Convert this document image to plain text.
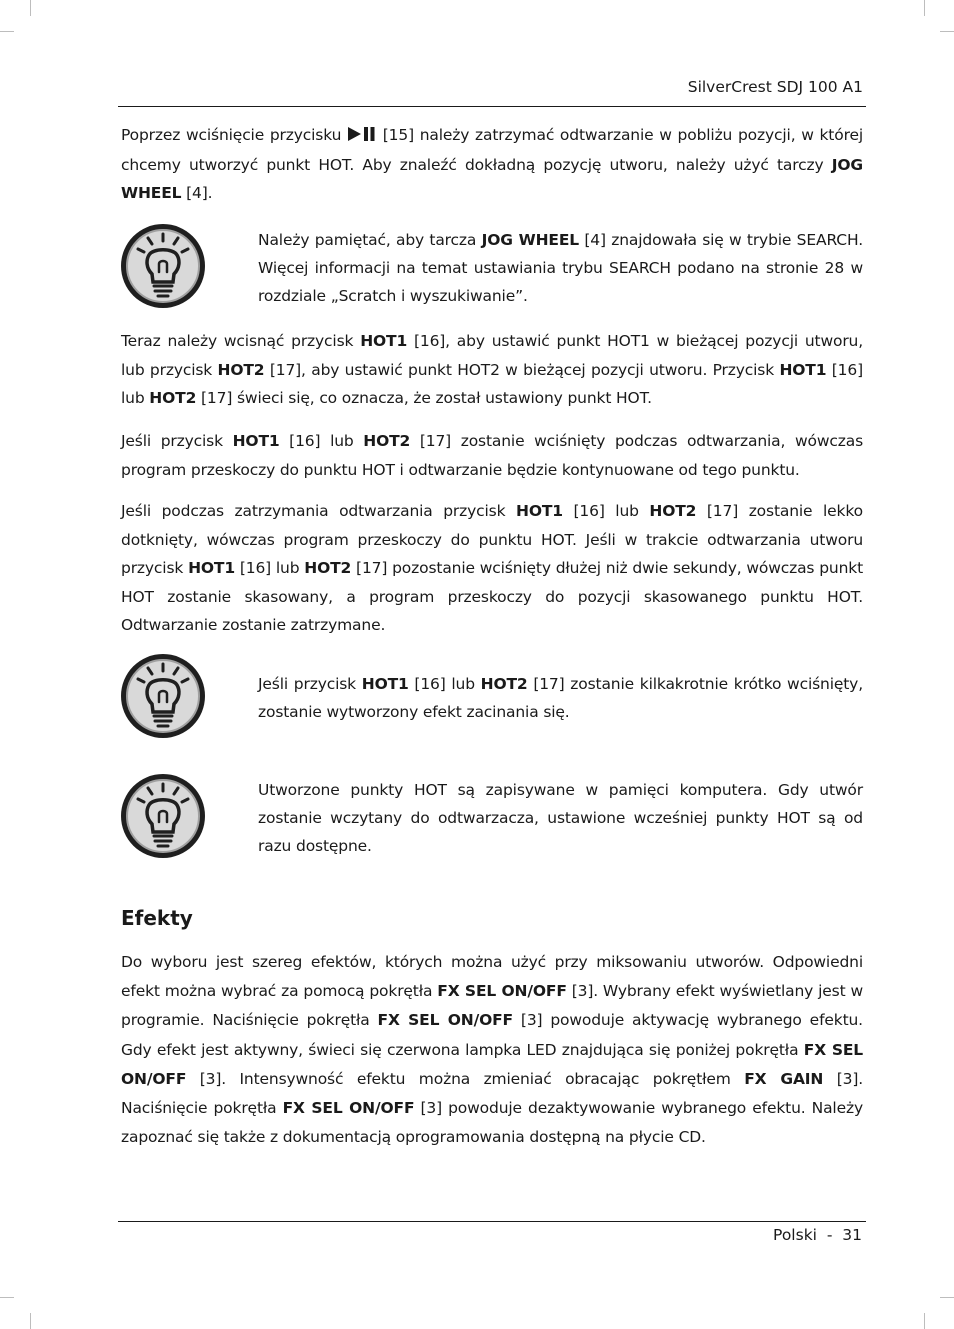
SilverCrest SDJ 100 A1
Poprzez wciśnięcie przycisku  [15] należy zatrzymać odtwarzanie w pobliżu pozycji, w której chcemy utworzyć punkt HOT. Aby znaleźć dokładną pozycję utworu, należy użyć tarczy JOG WHEEL [4].
Należy pamiętać, aby tarcza JOG WHEEL [4] znajdowała się w trybie SEARCH. Więcej informacji na temat ustawiania trybu SEARCH podano na stronie 28 w rozdziale „Scratch i wyszukiwanie”.
Teraz należy wcisnąć przycisk HOT1 [16], aby ustawić punkt HOT1 w bieżącej pozycji utworu, lub przycisk HOT2 [17], aby ustawić punkt HOT2 w bieżącej pozycji utworu. Przycisk HOT1 [16] lub HOT2 [17] świeci się, co oznacza, że został ustawiony punkt HOT.
Jeśli przycisk HOT1 [16] lub HOT2 [17] zostanie wciśnięty podczas odtwarzania, wówczas program przeskoczy do punktu HOT i odtwarzanie będzie kontynuowane od tego punktu.
Jeśli podczas zatrzymania odtwarzania przycisk HOT1 [16] lub HOT2 [17] zostanie lekko dotknięty, wówczas program przeskoczy do punktu HOT. Jeśli w trakcie odtwarzania utworu przycisk HOT1 [16] lub HOT2 [17] pozostanie wciśnięty dłużej niż dwie sekundy, wówczas punkt HOT zostanie skasowany, a program przeskoczy do pozycji skasowanego punktu HOT. Odtwarzanie zostanie zatrzymane.
Jeśli przycisk HOT1 [16] lub HOT2 [17] zostanie kilkakrotnie krótko wciśnięty, zostanie wytworzony efekt zacinania się.
Utworzone punkty HOT są zapisywane w pamięci komputera. Gdy utwór zostanie wczytany do odtwarzacza, ustawione wcześniej punkty HOT są od razu dostępne.
Efekty
Do wyboru jest szereg efektów, których można użyć przy miksowaniu utworów. Odpowiedni efekt można wybrać za pomocą pokrętła FX SEL ON/OFF [3]. Wybrany efekt wyświetlany jest w programie. Naciśnięcie pokrętła FX SEL ON/OFF [3] powoduje aktywację wybranego efektu. Gdy efekt jest aktywny, świeci się czerwona lampka LED znajdująca się poniżej pokrętła FX SEL ON/OFF [3]. Intensywność efektu można zmieniać obracając pokrętłem FX GAIN [3]. Naciśnięcie pokrętła FX SEL ON/OFF [3] powoduje dezaktywowanie wybranego efektu. Należy zapoznać się także z dokumentacją oprogramowania dostępną na płycie CD.
Polski  -  31
